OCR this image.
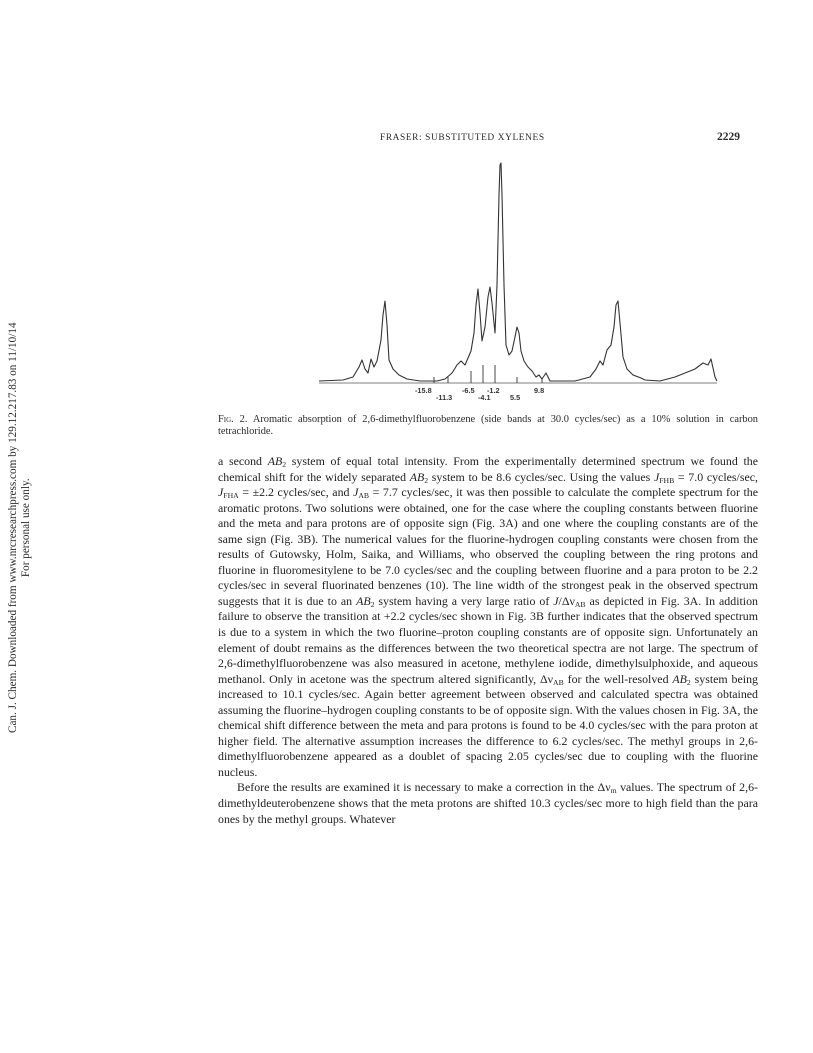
Can. J. Chem. Downloaded from www.nrcresearchpress.com by 129.12.217.83 on 11/10/14 For personal use only.
FRASER: SUBSTITUTED XYLENES	2229
-15.8
-11.3
-6.5
-4.1
-1.2
5.5
9.8
Fig. 2. Aromatic absorption of 2,6-dimethylfluorobenzene (side bands at 30.0 cycles/sec) as a 10% solution in carbon tetrachloride.

a second $AB_2$ system of equal total intensity. From the experimentally determined spectrum we found the chemical shift for the widely separated $AB_2$ system to be 8.6 cycles/sec. Using the values $J_{FHB} = 7.0$ cycles/sec, $J_{FHA} = \pm 2.2$ cycles/sec, and $J_{AB} = 7.7$ cycles/sec, it was then possible to calculate the complete spectrum for the aromatic protons. Two solutions were obtained, one for the case where the coupling constants between fluorine and the meta and para protons are of opposite sign (Fig. 3A) and one where the coupling constants are of the same sign (Fig. 3B). The numerical values for the fluorine-hydrogen coupling constants were chosen from the results of Gutowsky, Holm, Saika, and Williams, who observed the coupling between the ring protons and fluorine in fluoromesitylene to be 7.0 cycles/sec and the coupling between fluorine and a para proton to be 2.2 cycles/sec in several fluorinated benzenes (10). The line width of the strongest peak in the observed spectrum suggests that it is due to an $AB_2$ system having a very large ratio of $J/\Delta\nu_{AB}$ as depicted in Fig. 3A. In addition failure to observe the transition at +2.2 cycles/sec shown in Fig. 3B further indicates that the observed spectrum is due to a system in which the two fluorine–proton coupling constants are of opposite sign. Unfortunately an element of doubt remains as the differences between the two theoretical spectra are not large. The spectrum of 2,6-dimethylfluorobenzene was also measured in acetone, methylene iodide, dimethylsulphoxide, and aqueous methanol. Only in acetone was the spectrum altered significantly, $\Delta\nu_{AB}$ for the well-resolved $AB_2$ system being increased to 10.1 cycles/sec. Again better agreement between observed and calculated spectra was obtained assuming the fluorine–hydrogen coupling constants to be of opposite sign. With the values chosen in Fig. 3A, the chemical shift difference between the meta and para protons is found to be 4.0 cycles/sec with the para proton at higher field. The alternative assumption increases the difference to 6.2 cycles/sec. The methyl groups in 2,6-dimethylfluorobenzene appeared as a doublet of spacing 2.05 cycles/sec due to coupling with the fluorine nucleus.

Before the results are examined it is necessary to make a correction in the $\Delta\nu_m$ values. The spectrum of 2,6-dimethyldeuterobenzene shows that the meta protons are shifted 10.3 cycles/sec more to high field than the para ones by the methyl groups. Whatever
